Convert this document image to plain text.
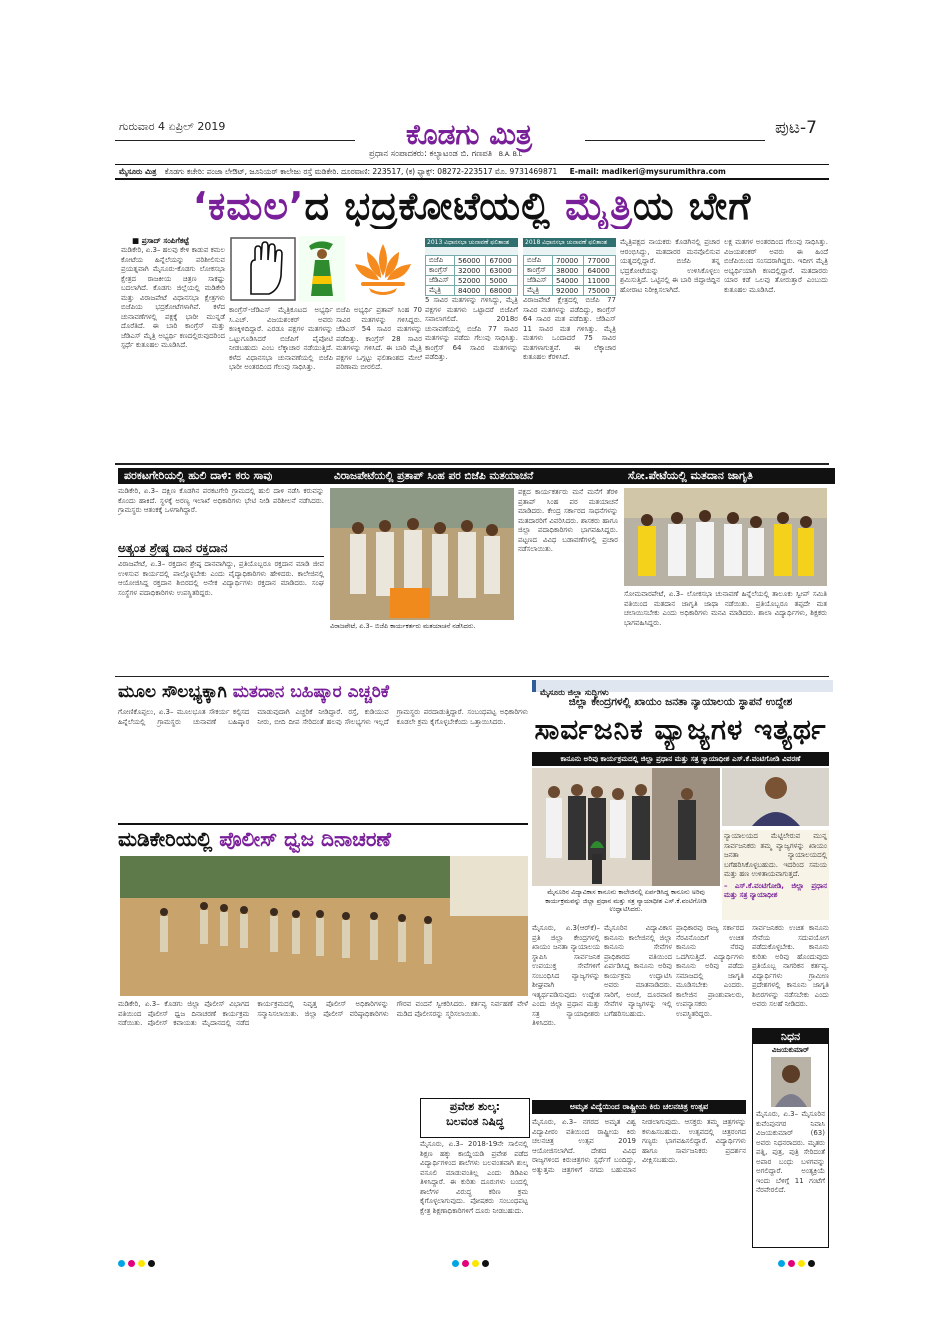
ಗುರುವಾರ 4 ಏಪ್ರಿಲ್ 2019	ಕೊಡಗು ಮಿತ್ರ	ಪುಟ-7
ಪ್ರಧಾನ ಸಂಪಾದಕರು: ಕಲ್ಯಾಟಂಡ ಬಿ. ಗಣಪತಿ B.A. B.L
ಮೈಸೂರು ಮಿತ್ರ ಕೊಡಗು ಕಚೇರಿ: ಪಂಜಾ ಲೇಔಟ್, ಜೂನಿಯರ್ ಕಾಲೇಜು ರಸ್ತೆ ಮಡಿಕೇರಿ. ದೂರವಾಣಿ: 223517, (ಕ) ಫ್ಯಾಕ್ಸ್: 08272-223517 ಮೊ. 9731469871 E-mail: madikeri@mysurumithra.com
‘ಕಮಲ’ದ ಭದ್ರಕೋಟೆಯಲ್ಲಿ ಮೈತ್ರಿಯ ಬೇಗೆ
■ ಪ್ರಸಾದ್ ಸಂಪಿಗೆಕಟ್ಟೆ
ಮಡಿಕೇರಿ, ಏ.3– ಹಲವು ಕೇಳಿ ಕಾಡುವ ಕಮಲ ಕೋಟೆಯ ಹಿನ್ನೆಲೆಯನ್ನು ಪರಿಶೀಲಿಸುವ ಪ್ರಯತ್ನವಾಗಿ ಮೈಸೂರು-ಕೊಡಗು ಲೋಕಸಭಾ ಕ್ಷೇತ್ರದ ರಾಜಕೀಯ ಚಿತ್ರಣ ಸಾಕಷ್ಟು ಬದಲಾಗಿದೆ. ಕೊಡಗು ಜಿಲ್ಲೆಯಲ್ಲಿ ಮಡಿಕೇರಿ ಮತ್ತು ವಿರಾಜಪೇಟೆ ವಿಧಾನಸಭಾ ಕ್ಷೇತ್ರಗಳು ಬಿಜೆಪಿಯ ಭದ್ರಕೋಟೆಗಳಾಗಿವೆ. ಕಳೆದ ಚುನಾವಣೆಗಳಲ್ಲಿ ಪಕ್ಷಕ್ಕೆ ಭಾರೀ ಮುನ್ನಡೆ ದೊರೆತಿದೆ. ಈ ಬಾರಿ ಕಾಂಗ್ರೆಸ್ ಮತ್ತು ಜೆಡಿಎಸ್ ಮೈತ್ರಿ ಅಭ್ಯರ್ಥಿ ಕಣದಲ್ಲಿರುವುದರಿಂದ ಸ್ಪರ್ಧೆ ಕುತೂಹಲ ಮೂಡಿಸಿದೆ.
ಕಾಂಗ್ರೆಸ್-ಜೆಡಿಎಸ್ ಮೈತ್ರಿಕೂಟದ ಅಭ್ಯರ್ಥಿ ಸಿ.ಎಚ್. ವಿಜಯಶಂಕರ್ ಅವರು ಕಣಕ್ಕಿಳಿದಿದ್ದಾರೆ. ಎರಡೂ ಪಕ್ಷಗಳ ಮತಗಳನ್ನು ಒಟ್ಟುಗೂಡಿಸಿದರೆ ಬಿಜೆಪಿಗೆ ಪೈಪೋಟಿ ನೀಡಬಹುದು ಎಂಬ ಲೆಕ್ಕಾಚಾರ ನಡೆಯುತ್ತಿದೆ. ಕಳೆದ ವಿಧಾನಸಭಾ ಚುನಾವಣೆಯಲ್ಲಿ ಬಿಜೆಪಿ ಭಾರೀ ಅಂತರದಿಂದ ಗೆಲುವು ಸಾಧಿಸಿತ್ತು.
ಬಿಜೆಪಿ ಅಭ್ಯರ್ಥಿ ಪ್ರತಾಪ್ ಸಿಂಹ 70 ಸಾವಿರ ಮತಗಳನ್ನು ಗಳಿಸಿದ್ದರು. ಜೆಡಿಎಸ್ 54 ಸಾವಿರ ಮತಗಳನ್ನು ಪಡೆದಿತ್ತು. ಕಾಂಗ್ರೆಸ್ 28 ಸಾವಿರ ಮತಗಳನ್ನು ಗಳಿಸಿದೆ. ಈ ಬಾರಿ ಮೈತ್ರಿ ಪಕ್ಷಗಳ ಒಗ್ಗಟ್ಟು ಫಲಿತಾಂಶದ ಮೇಲೆ ಪರಿಣಾಮ ಬೀರಲಿದೆ.
2013 ವಿಧಾನಸಭಾ ಚುನಾವಣೆ ಫಲಿತಾಂಶ
ಬಿಜೆಪಿ	56000	67000
ಕಾಂಗ್ರೆಸ್	32000	63000
ಜೆಡಿಎಸ್	52000	5000
ಮೈತ್ರಿ	84000	68000
2018 ವಿಧಾನಸಭಾ ಚುನಾವಣೆ ಫಲಿತಾಂಶ
ಬಿಜೆಪಿ	70000	77000
ಕಾಂಗ್ರೆಸ್	38000	64000
ಜೆಡಿಎಸ್	54000	11000
ಮೈತ್ರಿ	92000	75000
5 ಸಾವಿರ ಮತಗಳನ್ನು ಗಳಿಸಿದ್ದು, ಮೈತ್ರಿ ಪಕ್ಷಗಳ ಮತಗಳು ಒಟ್ಟಾದರೆ ಬಿಜೆಪಿಗೆ ಸವಾಲಾಗಲಿದೆ. 2018ರ ಚುನಾವಣೆಯಲ್ಲಿ ಬಿಜೆಪಿ 77 ಸಾವಿರ ಮತಗಳನ್ನು ಪಡೆದು ಗೆಲುವು ಸಾಧಿಸಿತ್ತು. ಕಾಂಗ್ರೆಸ್ 64 ಸಾವಿರ ಮತಗಳನ್ನು ಪಡೆದಿತ್ತು.
ವಿರಾಜಪೇಟೆ ಕ್ಷೇತ್ರದಲ್ಲಿ ಬಿಜೆಪಿ 77 ಸಾವಿರ ಮತಗಳನ್ನು ಪಡೆದಿದ್ದು, ಕಾಂಗ್ರೆಸ್ 64 ಸಾವಿರ ಮತ ಪಡೆದಿತ್ತು. ಜೆಡಿಎಸ್ 11 ಸಾವಿರ ಮತ ಗಳಿಸಿತ್ತು. ಮೈತ್ರಿ ಮತಗಳು ಒಂದಾದರೆ 75 ಸಾವಿರ ಮತಗಳಾಗುತ್ತವೆ. ಈ ಲೆಕ್ಕಾಚಾರ ಕುತೂಹಲ ಕೆರಳಿಸಿದೆ.
ಮೈತ್ರಿಪಕ್ಷದ ನಾಯಕರು ಕೊಡಗಿನಲ್ಲಿ ಪ್ರಚಾರ ಆರಂಭಿಸಿದ್ದು, ಮತದಾರರ ಮನವೊಲಿಸುವ ಯತ್ನದಲ್ಲಿದ್ದಾರೆ. ಬಿಜೆಪಿ ತನ್ನ ಭದ್ರಕೋಟೆಯನ್ನು ಉಳಿಸಿಕೊಳ್ಳಲು ಶ್ರಮಿಸುತ್ತಿದೆ. ಒಟ್ಟಿನಲ್ಲಿ ಈ ಬಾರಿ ಜಿದ್ದಾಜಿದ್ದಿನ ಹೋರಾಟ ನಿರೀಕ್ಷಿಸಲಾಗಿದೆ.
ಲಕ್ಷ ಮತಗಳ ಅಂತರದಿಂದ ಗೆಲುವು ಸಾಧಿಸಿತ್ತು. ವಿಜಯಶಂಕರ್ ಅವರು ಈ ಹಿಂದೆ ಬಿಜೆಪಿಯಿಂದ ಸಂಸದರಾಗಿದ್ದರು. ಇದೀಗ ಮೈತ್ರಿ ಅಭ್ಯರ್ಥಿಯಾಗಿ ಕಣದಲ್ಲಿದ್ದಾರೆ. ಮತದಾರರು ಯಾರ ಕಡೆ ಒಲವು ತೋರುತ್ತಾರೆ ಎಂಬುದು ಕುತೂಹಲ ಮೂಡಿಸಿದೆ.
ಪರಕಟಗೇರಿಯಲ್ಲಿ ಹುಲಿ ದಾಳಿ: ಕರು ಸಾವು
ಮಡಿಕೇರಿ, ಏ.3– ದಕ್ಷಿಣ ಕೊಡಗಿನ ಪರಕಟಗೇರಿ ಗ್ರಾಮದಲ್ಲಿ ಹುಲಿ ದಾಳಿ ನಡೆಸಿ ಕರುವನ್ನು ಕೊಂದು ಹಾಕಿದೆ. ಸ್ಥಳಕ್ಕೆ ಅರಣ್ಯ ಇಲಾಖೆ ಅಧಿಕಾರಿಗಳು ಭೇಟಿ ನೀಡಿ ಪರಿಶೀಲನೆ ನಡೆಸಿದರು. ಗ್ರಾಮಸ್ಥರು ಆತಂಕಕ್ಕೆ ಒಳಗಾಗಿದ್ದಾರೆ.
ಅತ್ಯಂತ ಶ್ರೇಷ್ಠ ದಾನ ರಕ್ತದಾನ
ವಿರಾಜಪೇಟೆ, ಏ.3– ರಕ್ತದಾನ ಶ್ರೇಷ್ಠ ದಾನವಾಗಿದ್ದು, ಪ್ರತಿಯೊಬ್ಬರೂ ರಕ್ತದಾನ ಮಾಡಿ ಜೀವ ಉಳಿಸುವ ಕಾರ್ಯದಲ್ಲಿ ಪಾಲ್ಗೊಳ್ಳಬೇಕು ಎಂದು ವೈದ್ಯಾಧಿಕಾರಿಗಳು ಹೇಳಿದರು. ಕಾಲೇಜಿನಲ್ಲಿ ಆಯೋಜಿಸಿದ್ದ ರಕ್ತದಾನ ಶಿಬಿರದಲ್ಲಿ ಅನೇಕ ವಿದ್ಯಾರ್ಥಿಗಳು ರಕ್ತದಾನ ಮಾಡಿದರು. ಸಂಘ ಸಂಸ್ಥೆಗಳ ಪದಾಧಿಕಾರಿಗಳು ಉಪಸ್ಥಿತರಿದ್ದರು.
ವಿರಾಜಪೇಟೆಯಲ್ಲಿ ಪ್ರತಾಪ್ ಸಿಂಹ ಪರ ಬಿಜೆಪಿ ಮತಯಾಚನೆ
ವಿರಾಜಪೇಟೆ, ಏ.3– ಬಿಜೆಪಿ ಕಾರ್ಯಕರ್ತರು ಮತಯಾಚನೆ ನಡೆಸಿದರು.
ಪಕ್ಷದ ಕಾರ್ಯಕರ್ತರು ಮನೆ ಮನೆಗೆ ತೆರಳಿ ಪ್ರತಾಪ್ ಸಿಂಹ ಪರ ಮತಯಾಚನೆ ಮಾಡಿದರು. ಕೇಂದ್ರ ಸರ್ಕಾರದ ಸಾಧನೆಗಳನ್ನು ಮತದಾರರಿಗೆ ವಿವರಿಸಿದರು. ಶಾಸಕರು ಹಾಗೂ ಜಿಲ್ಲಾ ಪದಾಧಿಕಾರಿಗಳು ಭಾಗವಹಿಸಿದ್ದರು. ಪಟ್ಟಣದ ವಿವಿಧ ಬಡಾವಣೆಗಳಲ್ಲಿ ಪ್ರಚಾರ ನಡೆಸಲಾಯಿತು.
ಸೋ.ಪೇಟೆಯಲ್ಲಿ ಮತದಾನ ಜಾಗೃತಿ
ಸೋಮವಾರಪೇಟೆ, ಏ.3– ಲೋಕಸಭಾ ಚುನಾವಣೆ ಹಿನ್ನೆಲೆಯಲ್ಲಿ ತಾಲೂಕು ಸ್ವೀಪ್ ಸಮಿತಿ ವತಿಯಿಂದ ಮತದಾನ ಜಾಗೃತಿ ಜಾಥಾ ನಡೆಯಿತು. ಪ್ರತಿಯೊಬ್ಬರೂ ತಪ್ಪದೇ ಮತ ಚಲಾಯಿಸಬೇಕು ಎಂದು ಅಧಿಕಾರಿಗಳು ಮನವಿ ಮಾಡಿದರು. ಶಾಲಾ ವಿದ್ಯಾರ್ಥಿಗಳು, ಶಿಕ್ಷಕರು ಭಾಗವಹಿಸಿದ್ದರು.
ಮೂಲ ಸೌಲಭ್ಯಕ್ಕಾಗಿ ಮತದಾನ ಬಹಿಷ್ಕಾರ ಎಚ್ಚರಿಕೆ
ಗೋಣಿಕೊಪ್ಪಲು, ಏ.3– ಮೂಲಭೂತ ಸೌಕರ್ಯ ಕಲ್ಪಿಸದ ಹಿನ್ನೆಲೆಯಲ್ಲಿ ಗ್ರಾಮಸ್ಥರು ಚುನಾವಣೆ ಬಹಿಷ್ಕಾರ ಮಾಡುವುದಾಗಿ ಎಚ್ಚರಿಕೆ ನೀಡಿದ್ದಾರೆ. ರಸ್ತೆ, ಕುಡಿಯುವ ನೀರು, ಬೀದಿ ದೀಪ ಸೇರಿದಂತೆ ಹಲವು ಸೌಲಭ್ಯಗಳು ಇಲ್ಲದೆ ಗ್ರಾಮಸ್ಥರು ಪರದಾಡುತ್ತಿದ್ದಾರೆ. ಸಂಬಂಧಪಟ್ಟ ಅಧಿಕಾರಿಗಳು ಕೂಡಲೇ ಕ್ರಮ ಕೈಗೊಳ್ಳಬೇಕೆಂದು ಒತ್ತಾಯಿಸಿದರು.
ಮಡಿಕೇರಿಯಲ್ಲಿ ಪೊಲೀಸ್ ಧ್ವಜ ದಿನಾಚರಣೆ
ಮಡಿಕೇರಿ, ಏ.3– ಕೊಡಗು ಜಿಲ್ಲಾ ಪೊಲೀಸ್ ವಿಭಾಗದ ವತಿಯಿಂದ ಪೊಲೀಸ್ ಧ್ವಜ ದಿನಾಚರಣೆ ಕಾರ್ಯಕ್ರಮ ನಡೆಯಿತು. ಪೊಲೀಸ್ ಕವಾಯತು ಮೈದಾನದಲ್ಲಿ ನಡೆದ ಕಾರ್ಯಕ್ರಮದಲ್ಲಿ ನಿವೃತ್ತ ಪೊಲೀಸ್ ಅಧಿಕಾರಿಗಳನ್ನು ಸನ್ಮಾನಿಸಲಾಯಿತು. ಜಿಲ್ಲಾ ಪೊಲೀಸ್ ವರಿಷ್ಠಾಧಿಕಾರಿಗಳು ಗೌರವ ವಂದನೆ ಸ್ವೀಕರಿಸಿದರು. ಕರ್ತವ್ಯ ನಿರ್ವಹಣೆ ವೇಳೆ ಮಡಿದ ಪೊಲೀಸರನ್ನು ಸ್ಮರಿಸಲಾಯಿತು.
ಮೈಸೂರು ಜಿಲ್ಲಾ ಸುದ್ದಿಗಳು
ಜಿಲ್ಲಾ ಕೇಂದ್ರಗಳಲ್ಲಿ ಖಾಯಂ ಜನತಾ ನ್ಯಾಯಾಲಯ ಸ್ಥಾಪನೆ ಉದ್ದೇಶ
ಸಾರ್ವಜನಿಕ ವ್ಯಾಜ್ಯಗಳ ಇತ್ಯರ್ಥ
ಕಾನೂನು ಅರಿವು ಕಾರ್ಯಕ್ರಮದಲ್ಲಿ ಜಿಲ್ಲಾ ಪ್ರಧಾನ ಮತ್ತು ಸತ್ರ ನ್ಯಾಯಾಧೀಶ ಎಸ್.ಕೆ.ವಂಟಿಗೋಡಿ ವಿವರಣೆ
ನ್ಯಾಯಾಲಯದ ಮೆಟ್ಟಿಲೇರುವ ಮುನ್ನ ಸಾರ್ವಜನಿಕರು ತಮ್ಮ ವ್ಯಾಜ್ಯಗಳನ್ನು ಖಾಯಂ ಜನತಾ ನ್ಯಾಯಾಲಯದಲ್ಲಿ ಬಗೆಹರಿಸಿಕೊಳ್ಳಬಹುದು. ಇದರಿಂದ ಸಮಯ ಮತ್ತು ಹಣ ಉಳಿತಾಯವಾಗುತ್ತದೆ.
– ಎಸ್.ಕೆ.ವಂಟಿಗೋಡಿ, ಜಿಲ್ಲಾ ಪ್ರಧಾನ ಮತ್ತು ಸತ್ರ ನ್ಯಾಯಾಧೀಶ
ಮೈಸೂರಿನ ವಿದ್ಯಾವಿಕಾಸ ಕಾನೂನು ಕಾಲೇಜಿನಲ್ಲಿ ಏರ್ಪಡಿಸಿದ್ದ ಕಾನೂನು ಅರಿವು ಕಾರ್ಯಕ್ರಮವನ್ನು ಜಿಲ್ಲಾ ಪ್ರಧಾನ ಮತ್ತು ಸತ್ರ ನ್ಯಾಯಾಧೀಶ ಎಸ್.ಕೆ.ವಂಟಿಗೋಡಿ ಉದ್ಘಾಟಿಸಿದರು.
ಮೈಸೂರು, ಏ.3(ಆರ್‌ಕೆ)– ಪ್ರತಿ ಜಿಲ್ಲಾ ಕೇಂದ್ರಗಳಲ್ಲಿ ಖಾಯಂ ಜನತಾ ನ್ಯಾಯಾಲಯ ಸ್ಥಾಪಿಸಿ ಸಾರ್ವಜನಿಕ ಉಪಯುಕ್ತ ಸೇವೆಗಳಿಗೆ ಸಂಬಂಧಿಸಿದ ವ್ಯಾಜ್ಯಗಳನ್ನು ಶೀಘ್ರವಾಗಿ ಇತ್ಯರ್ಥಪಡಿಸುವುದು ಉದ್ದೇಶ ಎಂದು ಜಿಲ್ಲಾ ಪ್ರಧಾನ ಮತ್ತು ಸತ್ರ ನ್ಯಾಯಾಧೀಶರು ತಿಳಿಸಿದರು.
ಮೈಸೂರಿನ ವಿದ್ಯಾವಿಕಾಸ ಕಾನೂನು ಕಾಲೇಜಿನಲ್ಲಿ ಜಿಲ್ಲಾ ಕಾನೂನು ಸೇವೆಗಳ ಪ್ರಾಧಿಕಾರದ ವತಿಯಿಂದ ಏರ್ಪಡಿಸಿದ್ದ ಕಾನೂನು ಅರಿವು ಕಾರ್ಯಕ್ರಮ ಉದ್ಘಾಟಿಸಿ ಅವರು ಮಾತನಾಡಿದರು. ಸಾರಿಗೆ, ಅಂಚೆ, ದೂರವಾಣಿ ಸೇವೆಗಳ ವ್ಯಾಜ್ಯಗಳನ್ನು ಇಲ್ಲಿ ಬಗೆಹರಿಸಬಹುದು.
ಪ್ರಾಧಿಕಾರವು ರಾಜ್ಯ ಸರ್ಕಾರದ ನೆರವಿನೊಂದಿಗೆ ಉಚಿತ ಕಾನೂನು ನೆರವು ಒದಗಿಸುತ್ತಿದೆ. ವಿದ್ಯಾರ್ಥಿಗಳು ಕಾನೂನು ಅರಿವು ಪಡೆದು ಸಮಾಜದಲ್ಲಿ ಜಾಗೃತಿ ಮೂಡಿಸಬೇಕು ಎಂದರು. ಕಾಲೇಜಿನ ಪ್ರಾಂಶುಪಾಲರು, ಉಪನ್ಯಾಸಕರು ಉಪಸ್ಥಿತರಿದ್ದರು.
ಸಾರ್ವಜನಿಕರು ಉಚಿತ ಕಾನೂನು ಸೇವೆಯ ಸದುಪಯೋಗ ಪಡೆದುಕೊಳ್ಳಬೇಕು. ಕಾನೂನು ಕುರಿತು ಅರಿವು ಹೊಂದುವುದು ಪ್ರತಿಯೊಬ್ಬ ನಾಗರಿಕನ ಕರ್ತವ್ಯ. ವಿದ್ಯಾರ್ಥಿಗಳು ಗ್ರಾಮೀಣ ಪ್ರದೇಶಗಳಲ್ಲಿ ಕಾನೂನು ಜಾಗೃತಿ ಶಿಬಿರಗಳನ್ನು ನಡೆಸಬೇಕು ಎಂದು ಅವರು ಸಲಹೆ ನೀಡಿದರು.
ಪ್ರವೇಶ ಶುಲ್ಕ:
ಬಲವಂತ ನಿಷಿದ್ಧ
ಮೈಸೂರು, ಏ.3– 2018-19ನೇ ಸಾಲಿನಲ್ಲಿ ಶಿಕ್ಷಣ ಹಕ್ಕು ಕಾಯ್ದೆಯಡಿ ಪ್ರವೇಶ ಪಡೆದ ವಿದ್ಯಾರ್ಥಿಗಳಿಂದ ಶಾಲೆಗಳು ಬಲವಂತವಾಗಿ ಶುಲ್ಕ ವಸೂಲಿ ಮಾಡುವಂತಿಲ್ಲ ಎಂದು ಡಿಡಿಪಿಐ ತಿಳಿಸಿದ್ದಾರೆ. ಈ ಕುರಿತು ದೂರುಗಳು ಬಂದಲ್ಲಿ ಶಾಲೆಗಳ ವಿರುದ್ಧ ಕಠಿಣ ಕ್ರಮ ಕೈಗೊಳ್ಳಲಾಗುವುದು. ಪೋಷಕರು ಸಂಬಂಧಪಟ್ಟ ಕ್ಷೇತ್ರ ಶಿಕ್ಷಣಾಧಿಕಾರಿಗಳಿಗೆ ದೂರು ನೀಡಬಹುದು.
ಅಮೃತ ವಿದ್ಯೆಯಿಂದ ರಾಷ್ಟ್ರೀಯ ಕಿರು ಚಲನಚಿತ್ರ ಉತ್ಸವ
ಮೈಸೂರು, ಏ.3– ನಗರದ ಅಮೃತ ವಿಶ್ವ ವಿದ್ಯಾಪೀಠಂ ವತಿಯಿಂದ ರಾಷ್ಟ್ರೀಯ ಕಿರು ಚಲನಚಿತ್ರ ಉತ್ಸವ 2019 ಆಯೋಜಿಸಲಾಗಿದೆ. ದೇಶದ ವಿವಿಧ ರಾಜ್ಯಗಳಿಂದ ಕಿರುಚಿತ್ರಗಳು ಸ್ಪರ್ಧೆಗೆ ಬಂದಿದ್ದು, ಅತ್ಯುತ್ತಮ ಚಿತ್ರಗಳಿಗೆ ನಗದು ಬಹುಮಾನ ನೀಡಲಾಗುವುದು. ಆಸಕ್ತರು ತಮ್ಮ ಚಿತ್ರಗಳನ್ನು ಕಳುಹಿಸಬಹುದು. ಉತ್ಸವದಲ್ಲಿ ಚಿತ್ರರಂಗದ ಗಣ್ಯರು ಭಾಗವಹಿಸಲಿದ್ದಾರೆ. ವಿದ್ಯಾರ್ಥಿಗಳು ಹಾಗೂ ಸಾರ್ವಜನಿಕರು ಪ್ರದರ್ಶನ ವೀಕ್ಷಿಸಬಹುದು.
ನಿಧನ
ವಿಜಯಕುಮಾರ್
ಮೈಸೂರು, ಏ.3– ಮೈಸೂರಿನ ಕುವೆಂಪುನಗರ ನಿವಾಸಿ ವಿಜಯಕುಮಾರ್ (63) ಅವರು ನಿಧನರಾದರು. ಮೃತರು ಪತ್ನಿ, ಪುತ್ರ, ಪುತ್ರಿ ಸೇರಿದಂತೆ ಅಪಾರ ಬಂಧು ಬಳಗವನ್ನು ಅಗಲಿದ್ದಾರೆ. ಅಂತ್ಯಕ್ರಿಯೆ ಇಂದು ಬೆಳಿಗ್ಗೆ 11 ಗಂಟೆಗೆ ನೆರವೇರಲಿದೆ.
